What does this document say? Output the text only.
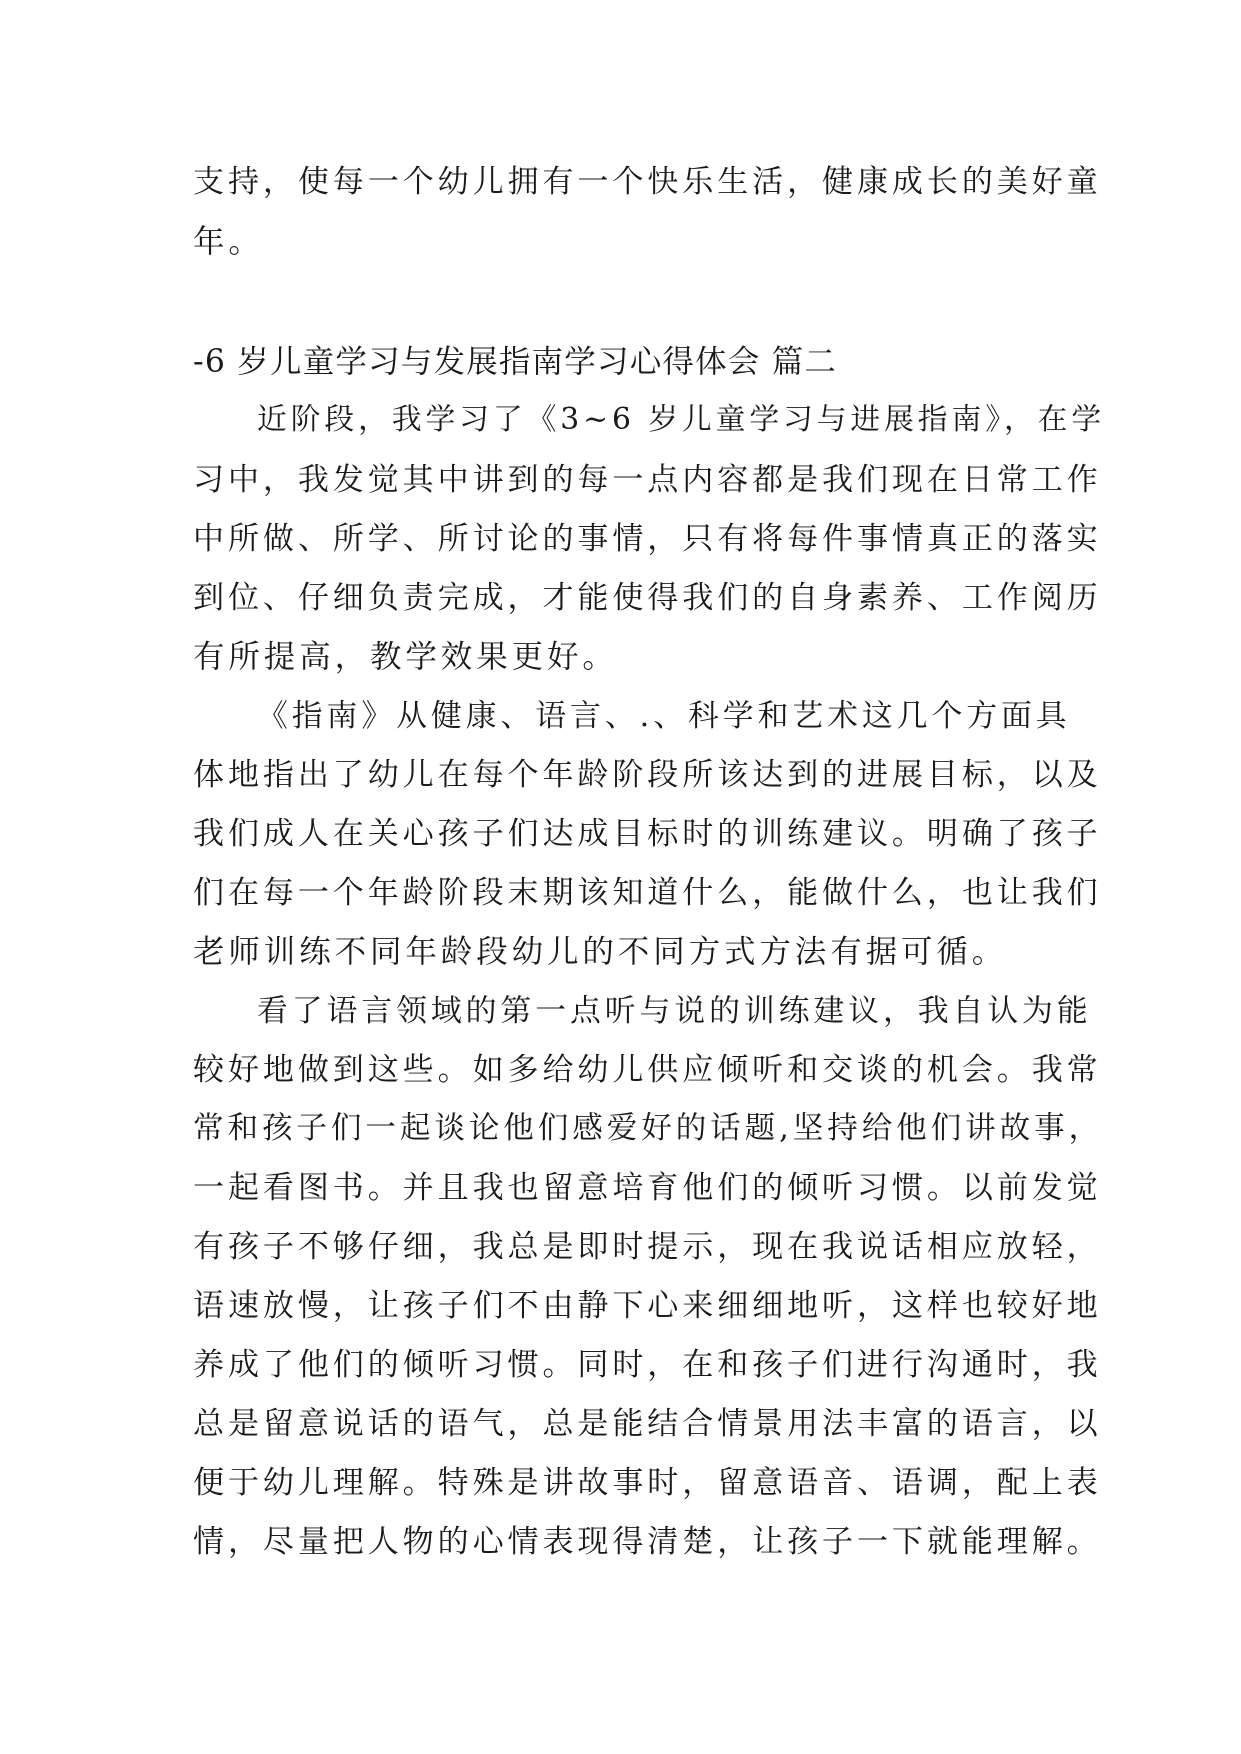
支持，使每一个幼儿拥有一个快乐生活，健康成长的美好童
年。
-6 岁儿童学习与发展指南学习心得体会 篇二
近阶段，我学习了《3~6 岁儿童学习与进展指南》，在学
习中，我发觉其中讲到的每一点内容都是我们现在日常工作
中所做、所学、所讨论的事情，只有将每件事情真正的落实
到位、仔细负责完成，才能使得我们的自身素养、工作阅历
有所提高，教学效果更好。
《指南》从健康、语言、.、科学和艺术这几个方面具
体地指出了幼儿在每个年龄阶段所该达到的进展目标，以及
我们成人在关心孩子们达成目标时的训练建议。明确了孩子
们在每一个年龄阶段末期该知道什么，能做什么，也让我们
老师训练不同年龄段幼儿的不同方式方法有据可循。
看了语言领域的第一点听与说的训练建议，我自认为能
较好地做到这些。如多给幼儿供应倾听和交谈的机会。我常
常和孩子们一起谈论他们感爱好的话题,坚持给他们讲故事，
一起看图书。并且我也留意培育他们的倾听习惯。以前发觉
有孩子不够仔细，我总是即时提示，现在我说话相应放轻，
语速放慢，让孩子们不由静下心来细细地听，这样也较好地
养成了他们的倾听习惯。同时，在和孩子们进行沟通时，我
总是留意说话的语气，总是能结合情景用法丰富的语言，以
便于幼儿理解。特殊是讲故事时，留意语音、语调，配上表
情，尽量把人物的心情表现得清楚，让孩子一下就能理解。
